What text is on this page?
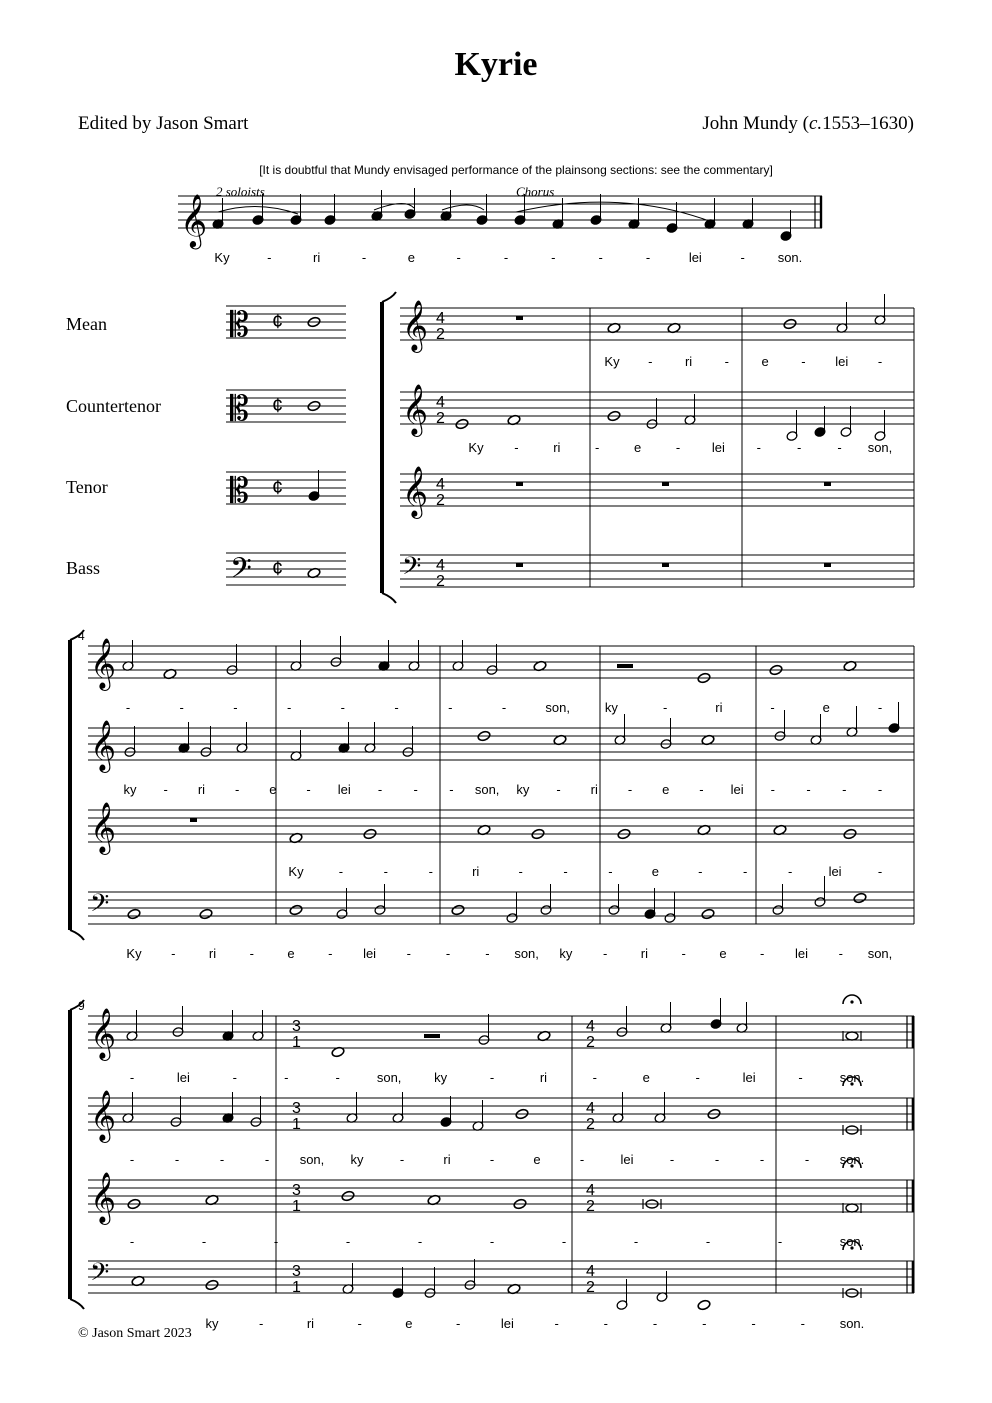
Kyrie
Edited by Jason Smart	John Mundy (c.1553–1630)
[It is doubtful that Mundy envisaged performance of the plainsong sections: see the commentary]
2 soloists	Chorus
Mean
Countertenor
Tenor
Bass
© Jason Smart 2023
𝄞
Ky	-	ri	-	e	-	-	-	-	-	lei	-	son.
𝄡 ¢
𝄡 ¢
𝄡 ¢
𝄢 ¢
𝄞
𝄞
𝄞
𝄢
4
2
4
2
4
2
4
2
Ky -	ri	- e - lei -
Ky -	ri	-	e	- lei -	-	- son,
4
𝄞
𝄞
𝄞
𝄢
-	-	-	-	-	-	-	-	son,	ky	-	ri	-	e	-
ky - ri - e - lei - - - son, ky - ri - e - lei - - - -
Ky	-	-	-	ri	-	-	-	e	-	-	-	lei	-
Ky -	ri	-	e	- lei -	-	- son, ky -	ri	-	e	- lei - son,
9
𝄞
𝄞
𝄞
𝄢
3
1
4
2
3
1
4
2
3
1
4
2
3
1
4
2
-	lei	-	-	-	son,	ky	-	ri	-	e	-	lei	-	son.
-	-	-	- son, ky	-	ri	-	e	-	lei	-	-	-	- son.
-	-	-	-	-	-	-	-	-	-	son.
ky	-	ri	-	e	-	lei	-	-	-	-	-	-	son.
